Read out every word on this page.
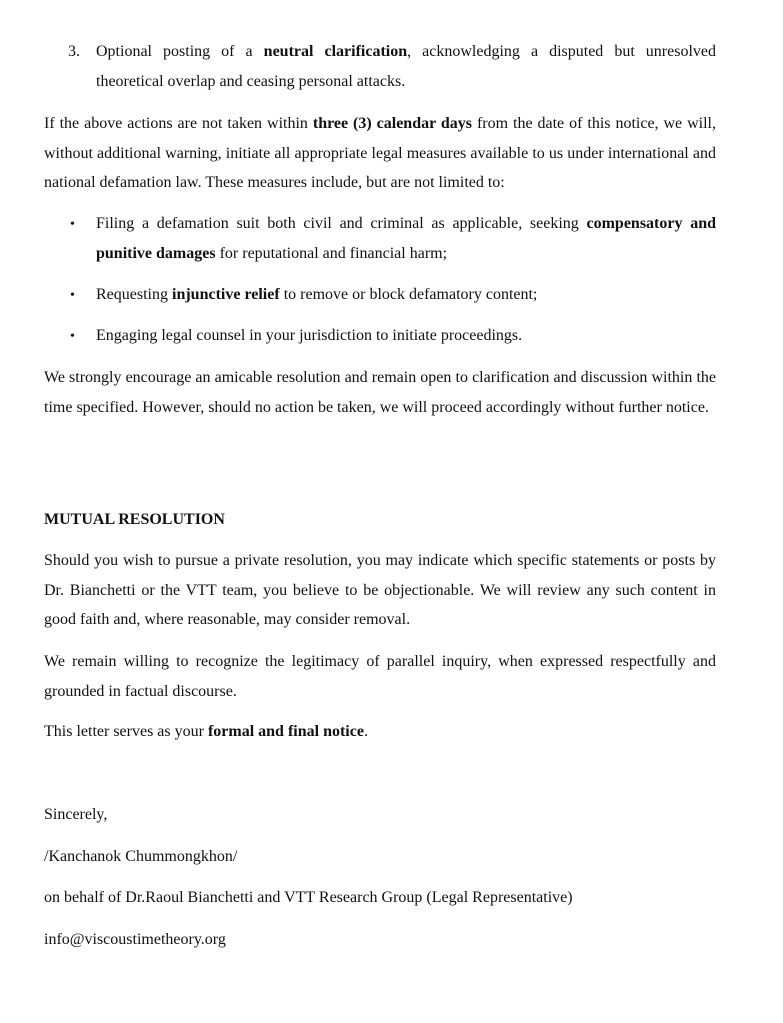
3. Optional posting of a neutral clarification, acknowledging a disputed but unresolved theoretical overlap and ceasing personal attacks.

If the above actions are not taken within three (3) calendar days from the date of this notice, we will, without additional warning, initiate all appropriate legal measures available to us under international and national defamation law. These measures include, but are not limited to:

• Filing a defamation suit both civil and criminal as applicable, seeking compensatory and punitive damages for reputational and financial harm;

• Requesting injunctive relief to remove or block defamatory content;

• Engaging legal counsel in your jurisdiction to initiate proceedings.

We strongly encourage an amicable resolution and remain open to clarification and discussion within the time specified. However, should no action be taken, we will proceed accordingly without further notice.

MUTUAL RESOLUTION

Should you wish to pursue a private resolution, you may indicate which specific statements or posts by Dr. Bianchetti or the VTT team, you believe to be objectionable. We will review any such content in good faith and, where reasonable, may consider removal.

We remain willing to recognize the legitimacy of parallel inquiry, when expressed respectfully and grounded in factual discourse.

This letter serves as your formal and final notice.

Sincerely,

/Kanchanok Chummongkhon/

on behalf of Dr.Raoul Bianchetti and VTT Research Group (Legal Representative)

info@viscoustimetheory.org
